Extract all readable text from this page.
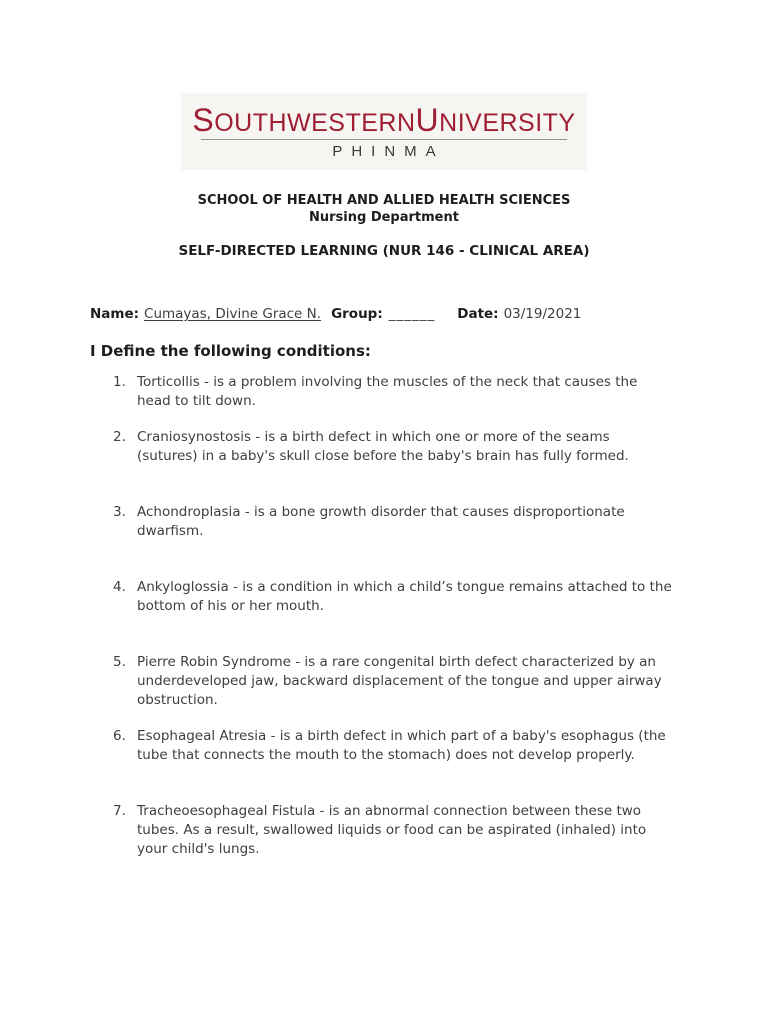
SOUTHWESTERNUNIVERSITY
PHINMA
SCHOOL OF HEALTH AND ALLIED HEALTH SCIENCES
Nursing Department
SELF-DIRECTED LEARNING (NUR 146 - CLINICAL AREA)
Name: Cumayas, Divine Grace N. Group: ______ Date: 03/19/2021
I Define the following conditions:
1. Torticollis - is a problem involving the muscles of the neck that causes the head to tilt down.
2. Craniosynostosis - is a birth defect in which one or more of the seams (sutures) in a baby's skull close before the baby's brain has fully formed.
3. Achondroplasia - is a bone growth disorder that causes disproportionate dwarfism.
4. Ankyloglossia - is a condition in which a child’s tongue remains attached to the bottom of his or her mouth.
5. Pierre Robin Syndrome - is a rare congenital birth defect characterized by an underdeveloped jaw, backward displacement of the tongue and upper airway obstruction.
6. Esophageal Atresia - is a birth defect in which part of a baby's esophagus (the tube that connects the mouth to the stomach) does not develop properly.
7. Tracheoesophageal Fistula - is an abnormal connection between these two tubes. As a result, swallowed liquids or food can be aspirated (inhaled) into your child's lungs.
